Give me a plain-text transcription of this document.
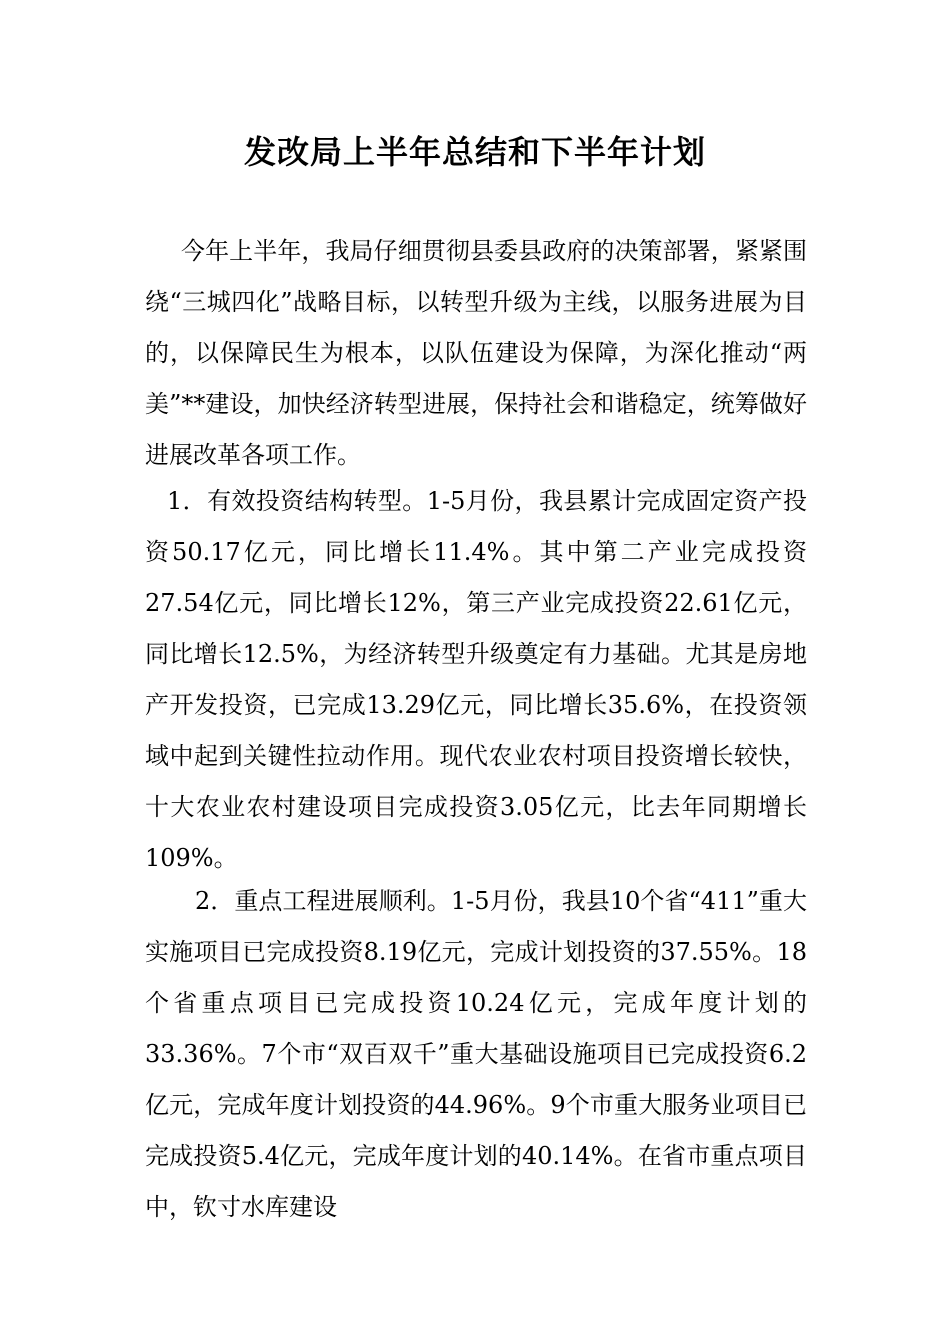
发改局上半年总结和下半年计划

今年上半年，我局仔细贯彻县委县政府的决策部署，紧紧围绕“三城四化”战略目标，以转型升级为主线，以服务进展为目的，以保障民生为根本，以队伍建设为保障，为深化推动“两美”**建设，加快经济转型进展，保持社会和谐稳定，统筹做好进展改革各项工作。

1．有效投资结构转型。1-5月份，我县累计完成固定资产投资50.17亿元，同比增长11.4%。其中第二产业完成投资27.54亿元，同比增长12%，第三产业完成投资22.61亿元，同比增长12.5%，为经济转型升级奠定有力基础。尤其是房地产开发投资，已完成13.29亿元，同比增长35.6%，在投资领域中起到关键性拉动作用。现代农业农村项目投资增长较快，十大农业农村建设项目完成投资3.05亿元，比去年同期增长109%。

2．重点工程进展顺利。1-5月份，我县10个省“411”重大实施项目已完成投资8.19亿元，完成计划投资的37.55%。18个省重点项目已完成投资10.24亿元，完成年度计划的33.36%。7个市“双百双千”重大基础设施项目已完成投资6.2亿元，完成年度计划投资的44.96%。9个市重大服务业项目已完成投资5.4亿元，完成年度计划的40.14%。在省市重点项目中，钦寸水库建设
